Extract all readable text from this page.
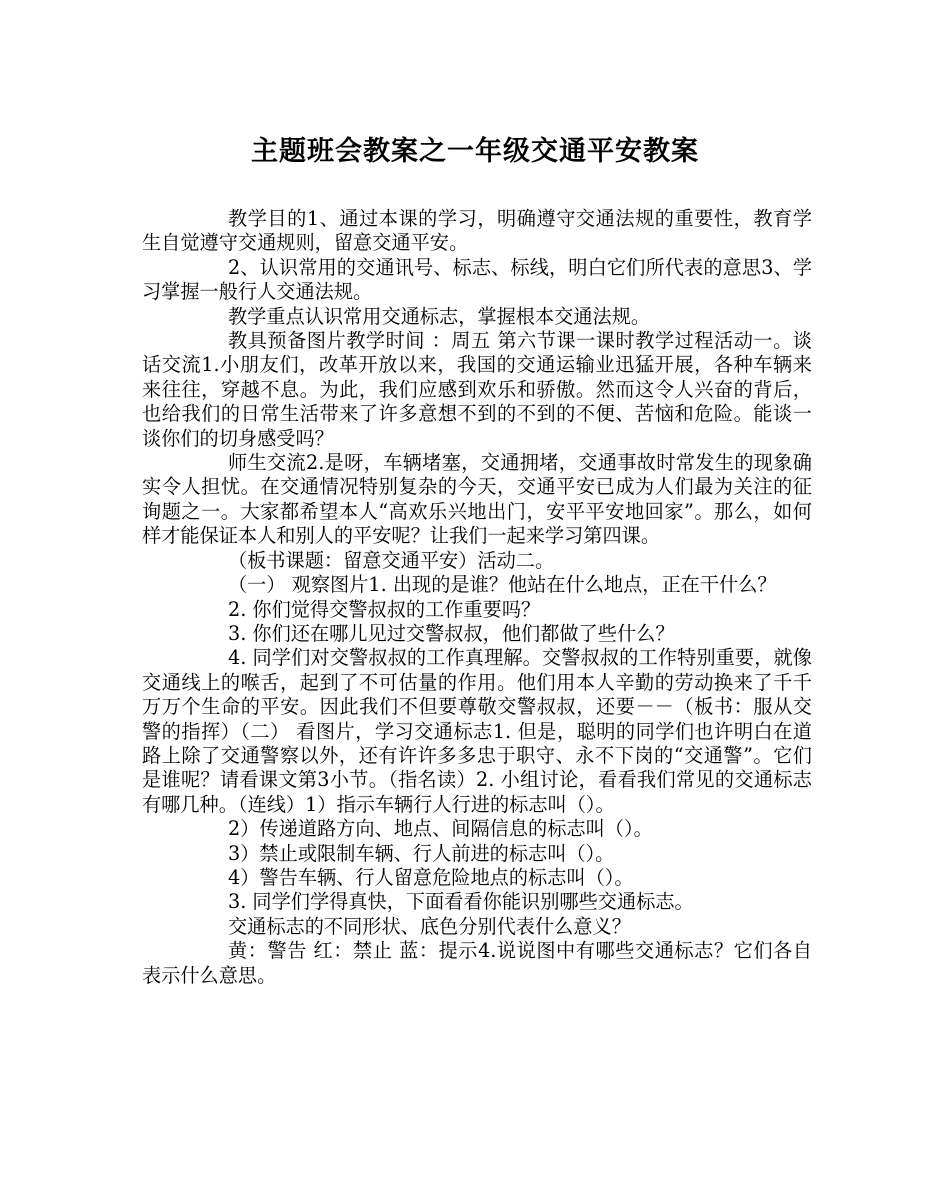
主题班会教案之一年级交通平安教案

教学目的1、通过本课的学习，明确遵守交通法规的重要性，教育学生自觉遵守交通规则，留意交通平安。

2、认识常用的交通讯号、标志、标线，明白它们所代表的意思3、学习掌握一般行人交通法规。

教学重点认识常用交通标志，掌握根本交通法规。

教具预备图片教学时间 ：周五 第六节课一课时教学过程活动一。谈话交流1.小朋友们，改革开放以来，我国的交通运输业迅猛开展，各种车辆来来往往，穿越不息。为此，我们应感到欢乐和骄傲。然而这令人兴奋的背后，也给我们的日常生活带来了许多意想不到的不到的不便、苦恼和危险。能谈一谈你们的切身感受吗？

师生交流2.是呀，车辆堵塞，交通拥堵，交通事故时常发生的现象确实令人担忧。在交通情况特别复杂的今天，交通平安已成为人们最为关注的征询题之一。大家都希望本人“高欢乐兴地出门，安平平安地回家”。那么，如何样才能保证本人和别人的平安呢？让我们一起来学习第四课。

（板书课题：留意交通平安）活动二。

（一） 观察图片1. 出现的是谁？他站在什么地点，正在干什么？

2. 你们觉得交警叔叔的工作重要吗？

3. 你们还在哪儿见过交警叔叔，他们都做了些什么？

4. 同学们对交警叔叔的工作真理解。交警叔叔的工作特别重要，就像交通线上的喉舌，起到了不可估量的作用。他们用本人辛勤的劳动换来了千千万万个生命的平安。因此我们不但要尊敬交警叔叔，还要－－（板书：服从交警的指挥）（二） 看图片，学习交通标志1. 但是，聪明的同学们也许明白在道路上除了交通警察以外，还有许许多多忠于职守、永不下岗的“交通警”。它们是谁呢？请看课文第3小节。（指名读）2. 小组讨论，看看我们常见的交通标志有哪几种。（连线）1）指示车辆行人行进的标志叫（）。

2）传递道路方向、地点、间隔信息的标志叫（）。

3）禁止或限制车辆、行人前进的标志叫（）。

4）警告车辆、行人留意危险地点的标志叫（）。

3. 同学们学得真快，下面看看你能识别哪些交通标志。

交通标志的不同形状、底色分别代表什么意义？

黄：警告 红：禁止 蓝：提示4.说说图中有哪些交通标志？它们各自表示什么意思。
